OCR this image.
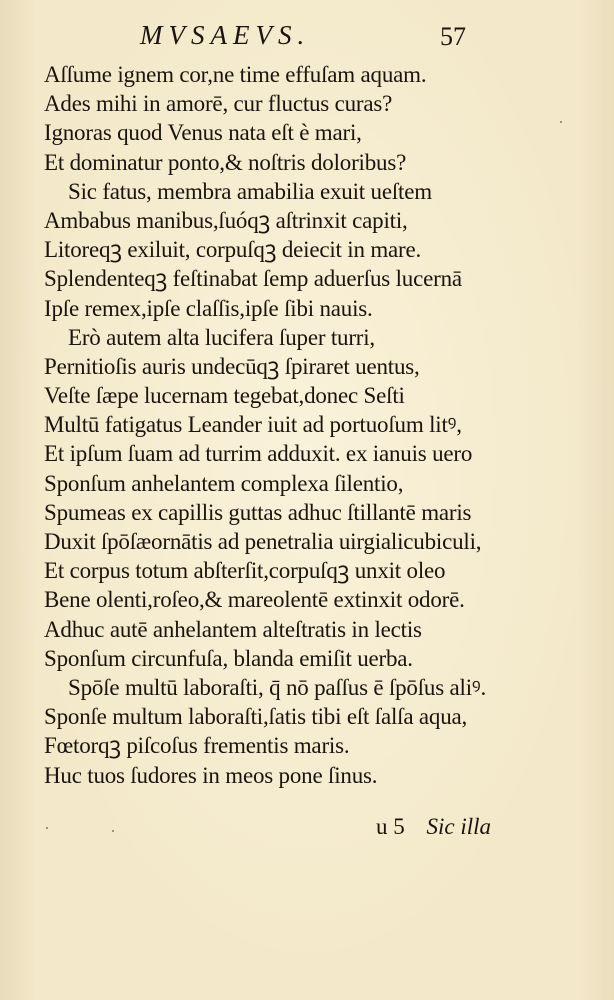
MVSAEVS.	57
Aſſume ignem cor,ne time effuſam aquam.
Ades mihi in amorē, cur fluctus curas?
Ignoras quod Venus nata eſt è mari,
Et dominatur ponto,& noſtris doloribus?
Sic fatus, membra amabilia exuit ueſtem
Ambabus manibus,ſuóqꝫ aſtrinxit capiti,
Litoreqꝫ exiluit, corpuſqꝫ deiecit in mare.
Splendenteqꝫ feſtinabat ſemp aduerſus lucernā
Ipſe remex,ipſe claſſis,ipſe ſibi nauis.
Erò autem alta lucifera ſuper turri,
Pernitioſis auris undecūqꝫ ſpiraret uentus,
Veſte ſæpe lucernam tegebat,donec Seſti
Multū fatigatus Leander iuit ad portuoſum litꝰ,
Et ipſum ſuam ad turrim adduxit. ex ianuis uero
Sponſum anhelantem complexa ſilentio,
Spumeas ex capillis guttas adhuc ſtillantē maris
Duxit ſpōſæornātis ad penetralia uirgialicubiculi,
Et corpus totum abſterſit,corpuſqꝫ unxit oleo
Bene olenti,roſeo,& mareolentē extinxit odorē.
Adhuc autē anhelantem alteſtratis in lectis
Sponſum circunfuſa, blanda emiſit uerba.
Spōſe multū laboraſti, q̄ nō paſſus ē ſpōſus aliꝰ.
Sponſe multum laboraſti,ſatis tibi eſt ſalſa aqua,
Fœtorqꝫ piſcoſus frementis maris.
Huc tuos ſudores in meos pone ſinus.
u 5 Sic illa
